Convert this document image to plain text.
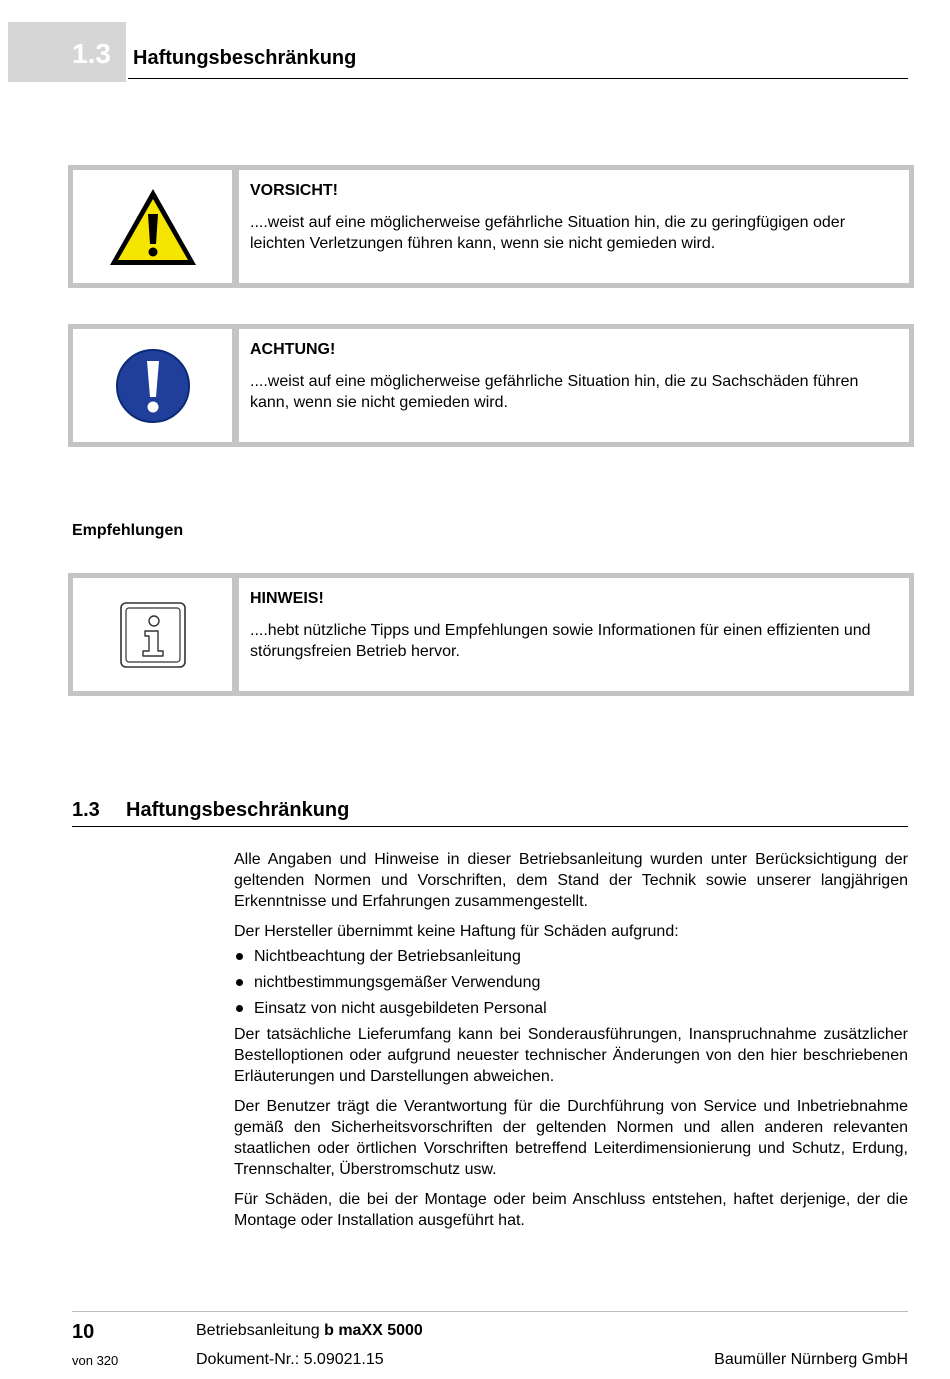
1.3 Haftungsbeschränkung
VORSICHT!
....weist auf eine möglicherweise gefährliche Situation hin, die zu geringfügigen oder leichten Verletzungen führen kann, wenn sie nicht gemieden wird.
ACHTUNG!
....weist auf eine möglicherweise gefährliche Situation hin, die zu Sachschäden führen kann, wenn sie nicht gemieden wird.
Empfehlungen
HINWEIS!
....hebt nützliche Tipps und Empfehlungen sowie Informationen für einen effizienten und störungsfreien Betrieb hervor.
1.3 Haftungsbeschränkung

Alle Angaben und Hinweise in dieser Betriebsanleitung wurden unter Berücksichtigung der geltenden Normen und Vorschriften, dem Stand der Technik sowie unserer langjährigen Erkenntnisse und Erfahrungen zusammengestellt.

Der Hersteller übernimmt keine Haftung für Schäden aufgrund:

Nichtbeachtung der Betriebsanleitung
nichtbestimmungsgemäßer Verwendung
Einsatz von nicht ausgebildeten Personal

Der tatsächliche Lieferumfang kann bei Sonderausführungen, Inanspruchnahme zusätzlicher Bestelloptionen oder aufgrund neuester technischer Änderungen von den hier beschriebenen Erläuterungen und Darstellungen abweichen.

Der Benutzer trägt die Verantwortung für die Durchführung von Service und Inbetriebnahme gemäß den Sicherheitsvorschriften der geltenden Normen und allen anderen relevanten staatlichen oder örtlichen Vorschriften betreffend Leiterdimensionierung und Schutz, Erdung, Trennschalter, Überstromschutz usw.

Für Schäden, die bei der Montage oder beim Anschluss entstehen, haftet derjenige, der die Montage oder Installation ausgeführt hat.

10
von 320
Betriebsanleitung b maXX 5000
Dokument-Nr.: 5.09021.15	Baumüller Nürnberg GmbH
